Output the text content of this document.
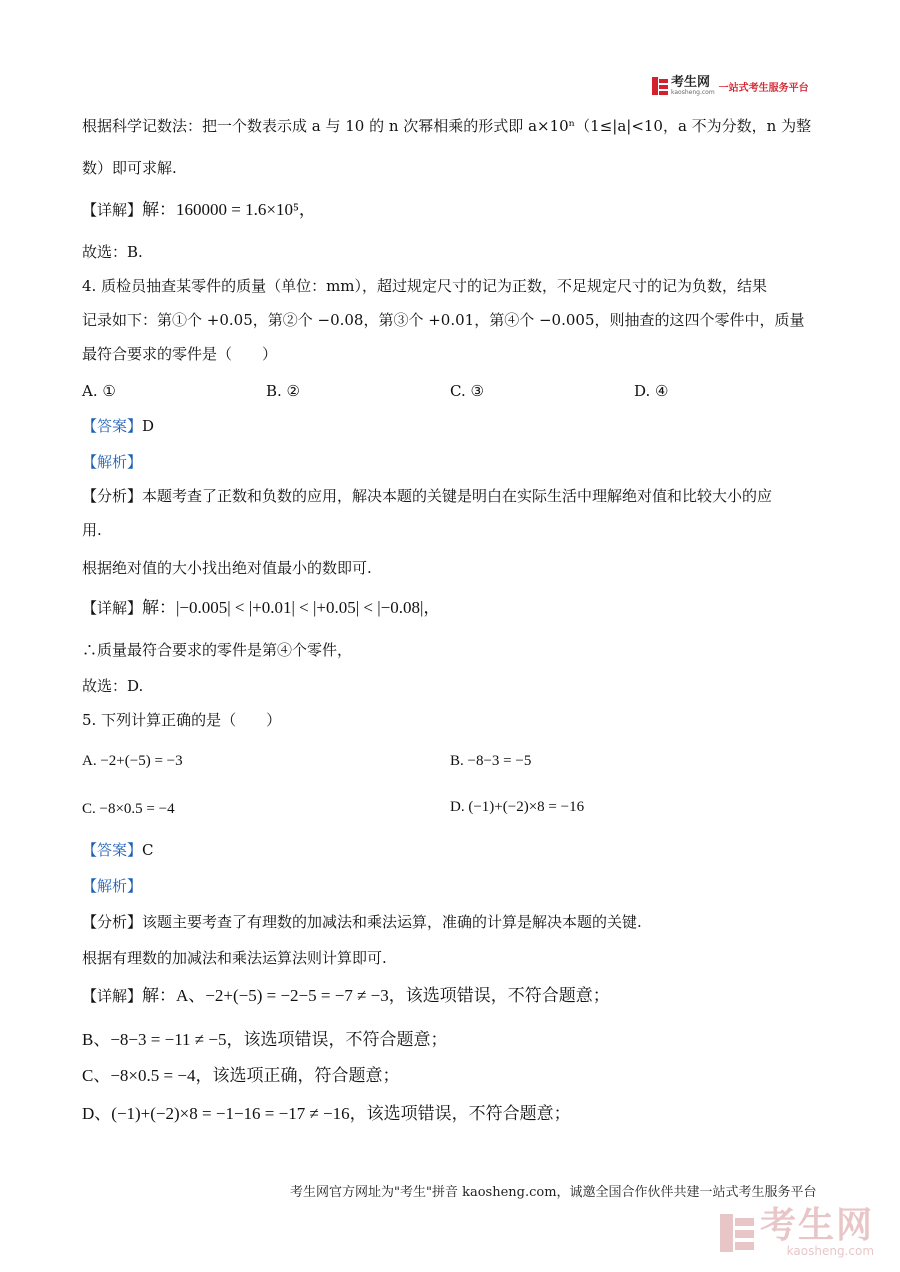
考生网
kaosheng.com 一站式考生服务平台
根据科学记数法：把一个数表示成 a 与 10 的 n 次幂相乘的形式即 a×10ⁿ（1≤|a|<10，a 不为分数，n 为整
数）即可求解.
【详解】解：160000 = 1.6×10⁵，
故选：B.
4. 质检员抽查某零件的质量（单位：mm），超过规定尺寸的记为正数，不足规定尺寸的记为负数，结果
记录如下：第①个 +0.05，第②个 −0.08，第③个 +0.01，第④个 −0.005，则抽查的这四个零件中，质量
最符合要求的零件是（　　）
A. ①	B. ②	C. ③	D. ④
【答案】D
【解析】
【分析】本题考查了正数和负数的应用，解决本题的关键是明白在实际生活中理解绝对值和比较大小的应
用.
根据绝对值的大小找出绝对值最小的数即可.
【详解】解：|−0.005| < |+0.01| < |+0.05| < |−0.08|，
∴质量最符合要求的零件是第④个零件，
故选：D.
5. 下列计算正确的是（　　）
A. −2+(−5) = −3	B. −8−3 = −5
C. −8×0.5 = −4	D. (−1)+(−2)×8 = −16
【答案】C
【解析】
【分析】该题主要考查了有理数的加减法和乘法运算，准确的计算是解决本题的关键.
根据有理数的加减法和乘法运算法则计算即可.
【详解】解：A、−2+(−5) = −2−5 = −7 ≠ −3，该选项错误，不符合题意；
B、−8−3 = −11 ≠ −5，该选项错误，不符合题意；
C、−8×0.5 = −4，该选项正确，符合题意；
D、(−1)+(−2)×8 = −1−16 = −17 ≠ −16，该选项错误，不符合题意；
考生网官方网址为"考生"拼音 kaosheng.com，诚邀全国合作伙伴共建一站式考生服务平台
考生网
kaosheng.com
